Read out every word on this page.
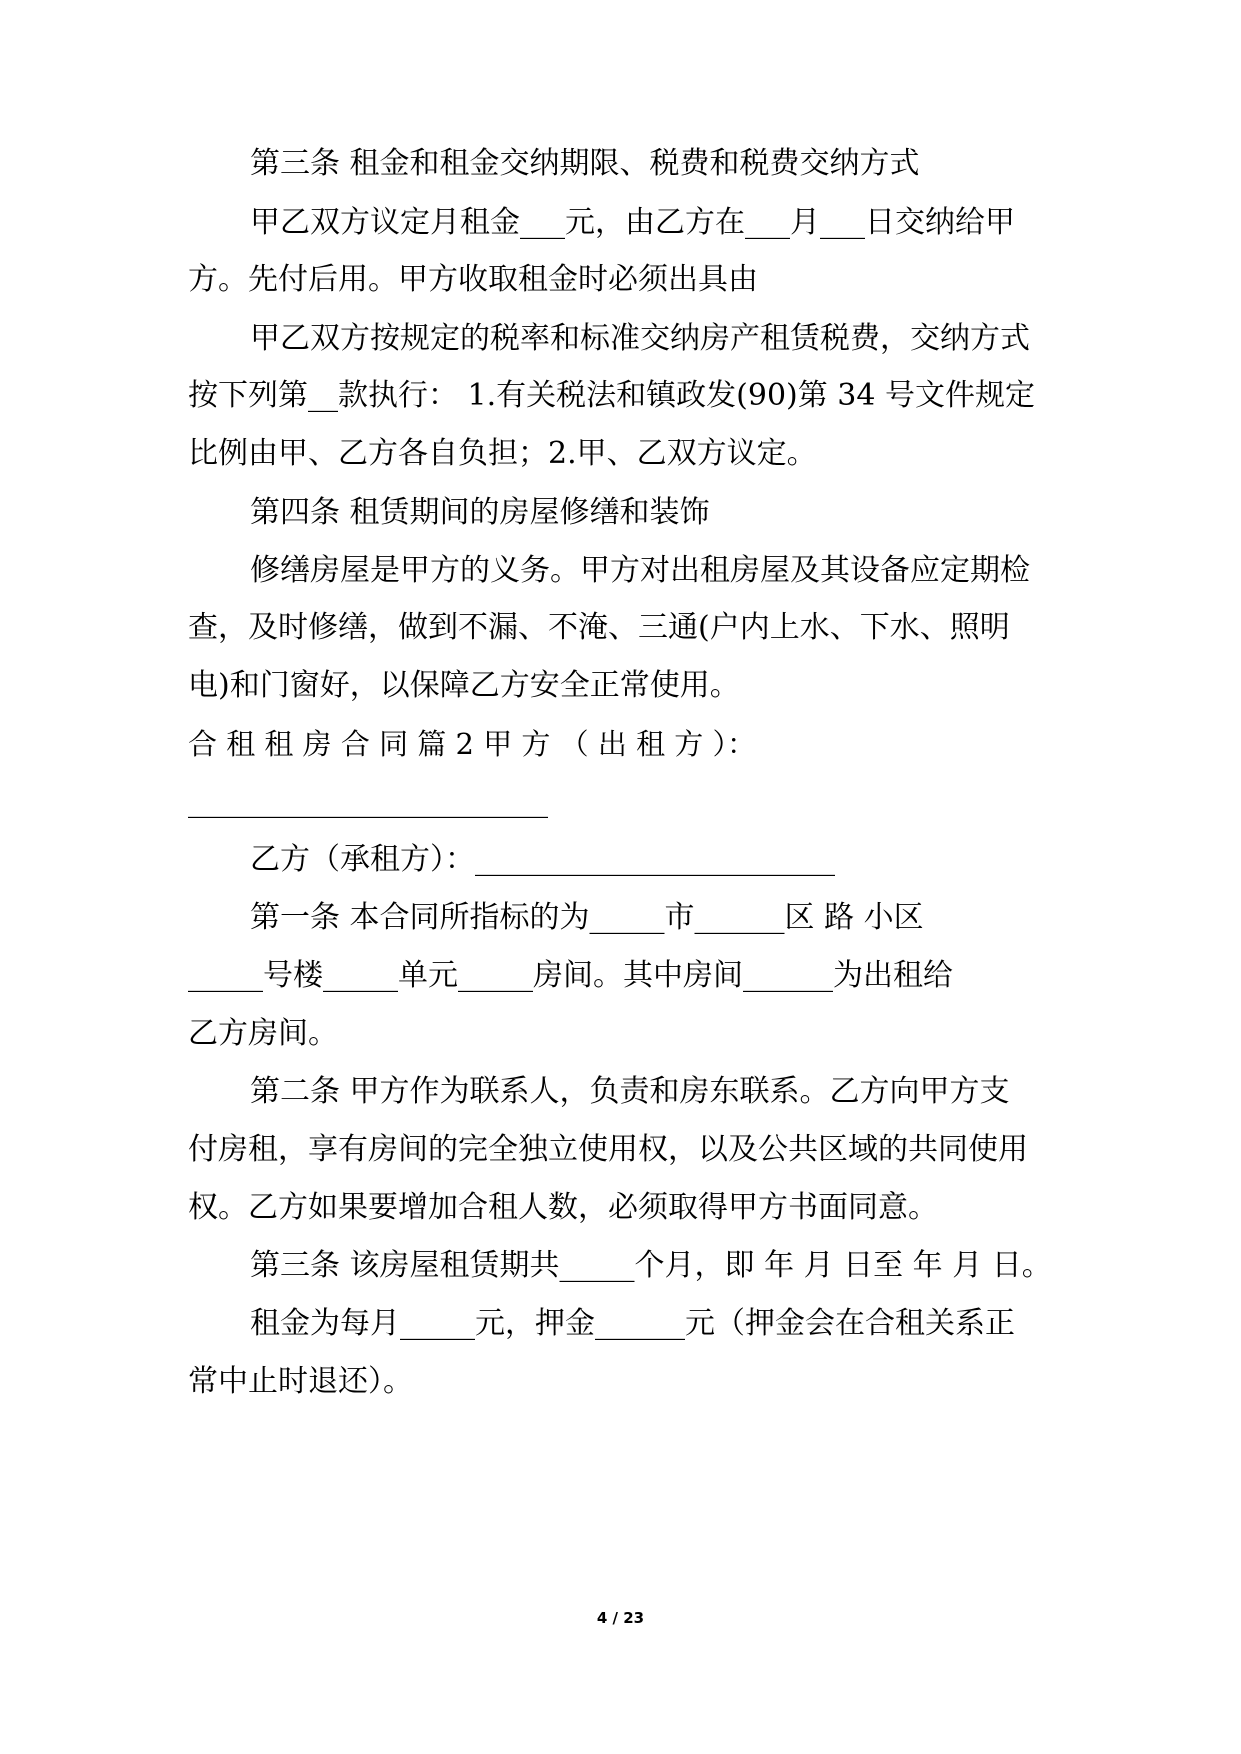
第三条 租金和租金交纳期限、税费和税费交纳方式
甲乙双方议定月租金___元，由乙方在___月___日交纳给甲
方。先付后用。甲方收取租金时必须出具由
甲乙双方按规定的税率和标准交纳房产租赁税费，交纳方式
按下列第__款执行： 1.有关税法和镇政发(90)第 34 号文件规定
比例由甲、乙方各自负担；2.甲、乙双方议定。
第四条 租赁期间的房屋修缮和装饰
修缮房屋是甲方的义务。甲方对出租房屋及其设备应定期检
查，及时修缮，做到不漏、不淹、三通(户内上水、下水、照明
电)和门窗好，以保障乙方安全正常使用。
合 租 租 房 合 同 篇 2 甲 方 （ 出 租 方 ）：
________________________
乙方（承租方）：________________________
第一条 本合同所指标的为_____市______区 路 小区
_____号楼_____单元_____房间。其中房间______为出租给
乙方房间。
第二条 甲方作为联系人，负责和房东联系。乙方向甲方支
付房租，享有房间的完全独立使用权，以及公共区域的共同使用
权。乙方如果要增加合租人数，必须取得甲方书面同意。
第三条 该房屋租赁期共_____个月，即 年 月 日至 年 月 日。
租金为每月_____元，押金______元（押金会在合租关系正
常中止时退还）。
4 / 23
